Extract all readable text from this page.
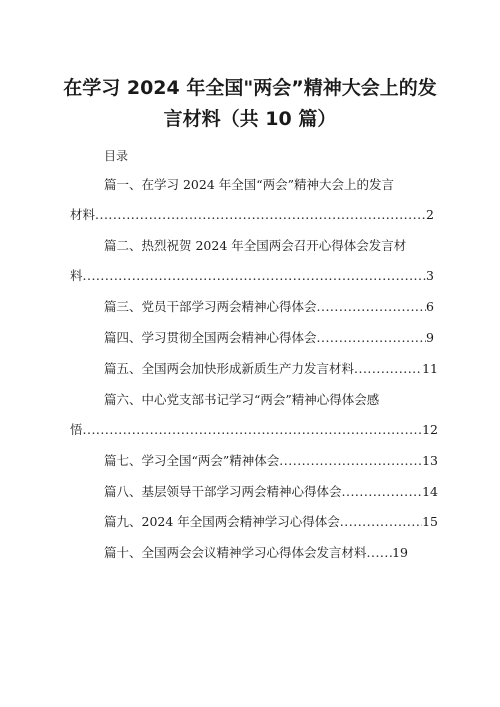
在学习 2024 年全国"两会”精神大会上的发
言材料（共 10 篇）
目录
篇一、在学习 2024 年全国“两会”精神大会上的发言
材料 .....	2
篇二、热烈祝贺 2024 年全国两会召开心得体会发言材
料 .....	3
篇三、党员干部学习两会精神心得体会 .....	6
篇四、学习贯彻全国两会精神心得体会 .....	9
篇五、全国两会加快形成新质生产力发言材料 .....	11
篇六、中心党支部书记学习“两会”精神心得体会感
悟 .....	12
篇七、学习全国“两会”精神体会 .....	13
篇八、基层领导干部学习两会精神心得体会 .....	14
篇九、2024 年全国两会精神学习心得体会 .....	15
篇十、全国两会会议精神学习心得体会发言材料 ..... 19
